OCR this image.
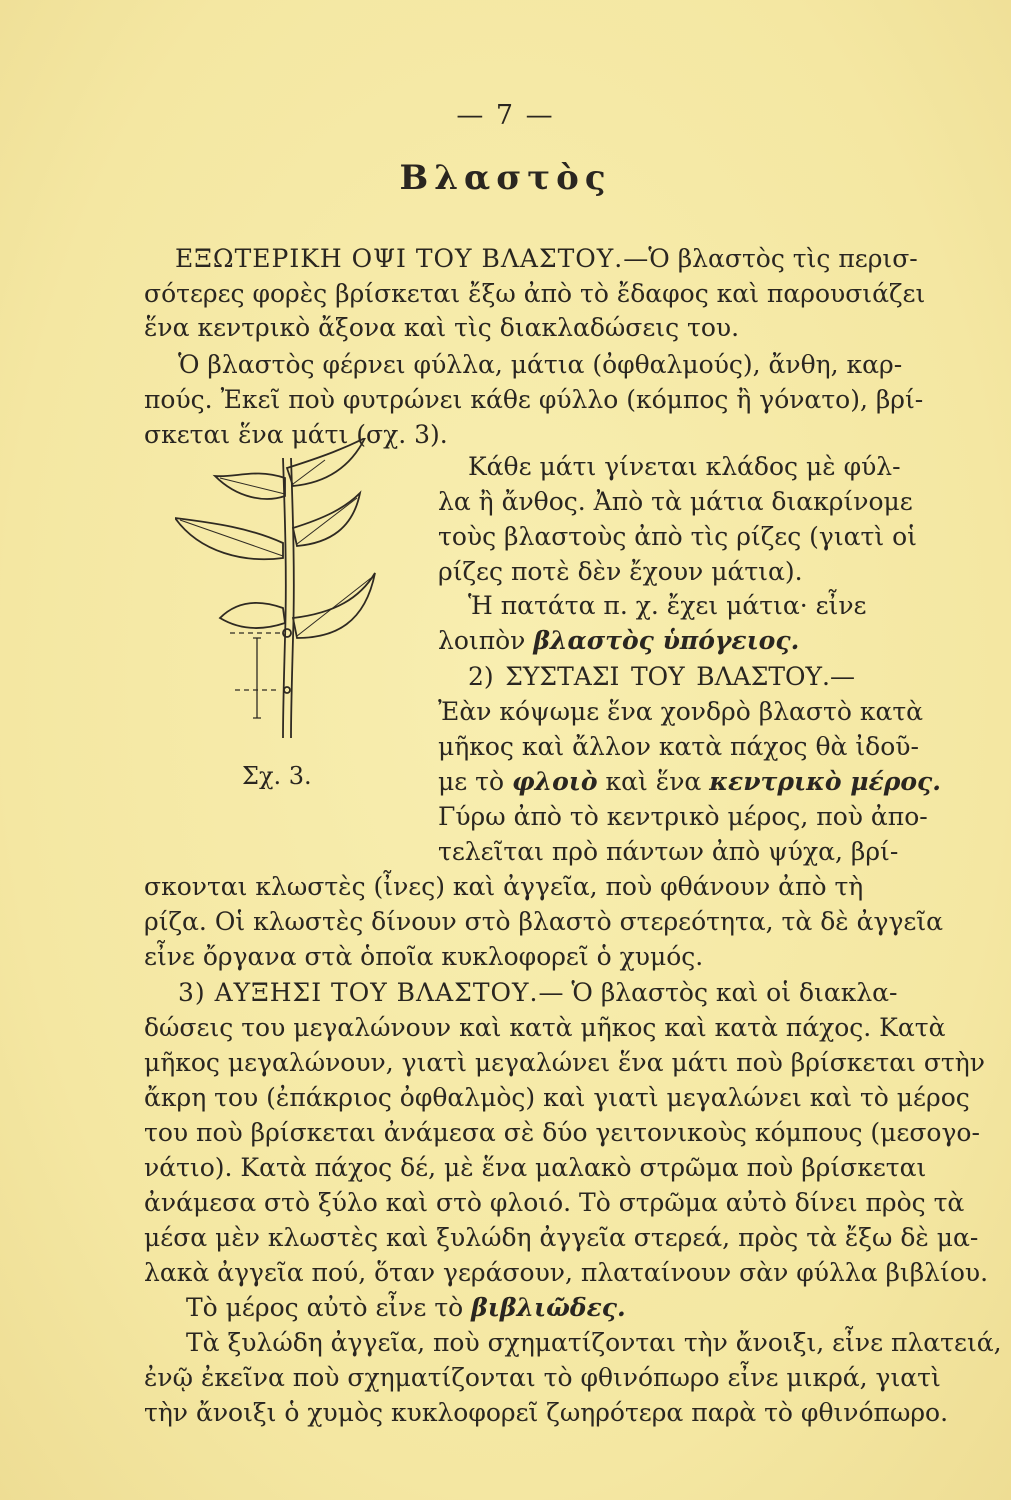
— 7 —
Βλαστὸς
ΕΞΩΤΕΡΙΚΗ ΟΨΙ ΤΟΥ ΒΛΑΣΤΟΥ.—Ὁ βλαστὸς τὶς περισ-
σότερες φορὲς βρίσκεται ἔξω ἀπὸ τὸ ἔδαφος καὶ παρουσιάζει
ἕνα κεντρικὸ ἄξονα καὶ τὶς διακλαδώσεις του.
Ὁ βλαστὸς φέρνει φύλλα, μάτια (ὀφθαλμούς), ἄνθη, καρ-
πούς. Ἐκεῖ ποὺ φυτρώνει κάθε φύλλο (κόμπος ἢ γόνατο), βρί-
σκεται ἕνα μάτι (σχ. 3).
Σχ. 3.
Κάθε μάτι γίνεται κλάδος μὲ φύλ-
λα ἢ ἄνθος. Ἀπὸ τὰ μάτια διακρίνομε
τοὺς βλαστοὺς ἀπὸ τὶς ρίζες (γιατὶ οἱ
ρίζες ποτὲ δὲν ἔχουν μάτια).
Ἡ πατάτα π. χ. ἔχει μάτια· εἶνε
λοιπὸν βλαστὸς ὑπόγειος.
2) ΣΥΣΤΑΣΙ ΤΟΥ ΒΛΑΣΤΟΥ.—
Ἐὰν κόψωμε ἕνα χονδρὸ βλαστὸ κατὰ
μῆκος καὶ ἄλλον κατὰ πάχος θὰ ἰδοῦ-
με τὸ φλοιὸ καὶ ἕνα κεντρικὸ μέρος.
Γύρω ἀπὸ τὸ κεντρικὸ μέρος, ποὺ ἀπο-
τελεῖται πρὸ πάντων ἀπὸ ψύχα, βρί-
σκονται κλωστὲς (ἶνες) καὶ ἀγγεῖα, ποὺ φθάνουν ἀπὸ τὴ
ρίζα. Οἱ κλωστὲς δίνουν στὸ βλαστὸ στερεότητα, τὰ δὲ ἀγγεῖα
εἶνε ὄργανα στὰ ὁποῖα κυκλοφορεῖ ὁ χυμός.
3) ΑΥΞΗΣΙ ΤΟΥ ΒΛΑΣΤΟΥ.— Ὁ βλαστὸς καὶ οἱ διακλα-
δώσεις του μεγαλώνουν καὶ κατὰ μῆκος καὶ κατὰ πάχος. Κατὰ
μῆκος μεγαλώνουν, γιατὶ μεγαλώνει ἕνα μάτι ποὺ βρίσκεται στὴν
ἄκρη του (ἐπάκριος ὀφθαλμὸς) καὶ γιατὶ μεγαλώνει καὶ τὸ μέρος
του ποὺ βρίσκεται ἀνάμεσα σὲ δύο γειτονικοὺς κόμπους (μεσογο-
νάτιο). Κατὰ πάχος δέ, μὲ ἕνα μαλακὸ στρῶμα ποὺ βρίσκεται
ἀνάμεσα στὸ ξύλο καὶ στὸ φλοιό. Τὸ στρῶμα αὐτὸ δίνει πρὸς τὰ
μέσα μὲν κλωστὲς καὶ ξυλώδη ἀγγεῖα στερεά, πρὸς τὰ ἔξω δὲ μα-
λακὰ ἀγγεῖα πού, ὅταν γεράσουν, πλαταίνουν σὰν φύλλα βιβλίου.
Τὸ μέρος αὐτὸ εἶνε τὸ βιβλιῶδες.
Τὰ ξυλώδη ἀγγεῖα, ποὺ σχηματίζονται τὴν ἄνοιξι, εἶνε πλατειά,
ἐνῷ ἐκεῖνα ποὺ σχηματίζονται τὸ φθινόπωρο εἶνε μικρά, γιατὶ
τὴν ἄνοιξι ὁ χυμὸς κυκλοφορεῖ ζωηρότερα παρὰ τὸ φθινόπωρο.
